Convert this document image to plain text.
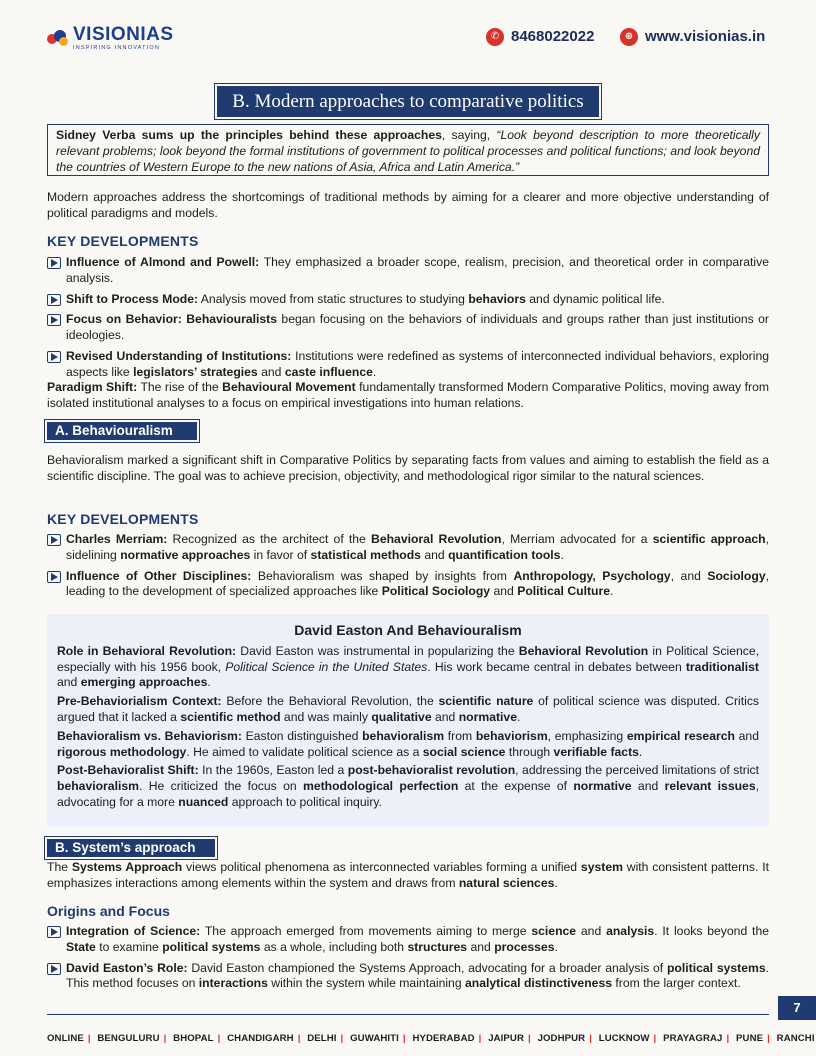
VISIONIAS
INSPIRING INNOVATION
✆ 8468022022	⊕ www.visionias.in
B. Modern approaches to comparative politics
Sidney Verba sums up the principles behind these approaches, saying, “Look beyond description to more theoretically relevant problems; look beyond the formal institutions of government to political processes and political functions; and look beyond the countries of Western Europe to the new nations of Asia, Africa and Latin America.”
Modern approaches address the shortcomings of traditional methods by aiming for a clearer and more objective understanding of political paradigms and models.
KEY DEVELOPMENTS
Influence of Almond and Powell: They emphasized a broader scope, realism, precision, and theoretical order in comparative analysis.
Shift to Process Mode: Analysis moved from static structures to studying behaviors and dynamic political life.
Focus on Behavior: Behaviouralists began focusing on the behaviors of individuals and groups rather than just institutions or ideologies.
Revised Understanding of Institutions: Institutions were redefined as systems of interconnected individual behaviors, exploring aspects like legislators’ strategies and caste influence.
Paradigm Shift: The rise of the Behavioural Movement fundamentally transformed Modern Comparative Politics, moving away from isolated institutional analyses to a focus on empirical investigations into human relations.
A. Behaviouralism
Behavioralism marked a significant shift in Comparative Politics by separating facts from values and aiming to establish the field as a scientific discipline. The goal was to achieve precision, objectivity, and methodological rigor similar to the natural sciences.
KEY DEVELOPMENTS
Charles Merriam: Recognized as the architect of the Behavioral Revolution, Merriam advocated for a scientific approach, sidelining normative approaches in favor of statistical methods and quantification tools.
Influence of Other Disciplines: Behavioralism was shaped by insights from Anthropology, Psychology, and Sociology, leading to the development of specialized approaches like Political Sociology and Political Culture.
David Easton And Behaviouralism

Role in Behavioral Revolution: David Easton was instrumental in popularizing the Behavioral Revolution in Political Science, especially with his 1956 book, Political Science in the United States. His work became central in debates between traditionalist and emerging approaches.

Pre-Behaviorialism Context: Before the Behavioral Revolution, the scientific nature of political science was disputed. Critics argued that it lacked a scientific method and was mainly qualitative and normative.

Behavioralism vs. Behaviorism: Easton distinguished behavioralism from behaviorism, emphasizing empirical research and rigorous methodology. He aimed to validate political science as a social science through verifiable facts.

Post-Behavioralist Shift: In the 1960s, Easton led a post-behavioralist revolution, addressing the perceived limitations of strict behavioralism. He criticized the focus on methodological perfection at the expense of normative and relevant issues, advocating for a more nuanced approach to political inquiry.

B. System’s approach
The Systems Approach views political phenomena as interconnected variables forming a unified system with consistent patterns. It emphasizes interactions among elements within the system and draws from natural sciences.
Origins and Focus
Integration of Science: The approach emerged from movements aiming to merge science and analysis. It looks beyond the State to examine political systems as a whole, including both structures and processes.
David Easton’s Role: David Easton championed the Systems Approach, advocating for a broader analysis of political systems. This method focuses on interactions within the system while maintaining analytical distinctiveness from the larger context.
7
ONLINE | BENGULURU | BHOPAL | CHANDIGARH | DELHI | GUWAHITI | HYDERABAD | JAIPUR | JODHPUR | LUCKNOW | PRAYAGRAJ | PUNE | RANCHI
